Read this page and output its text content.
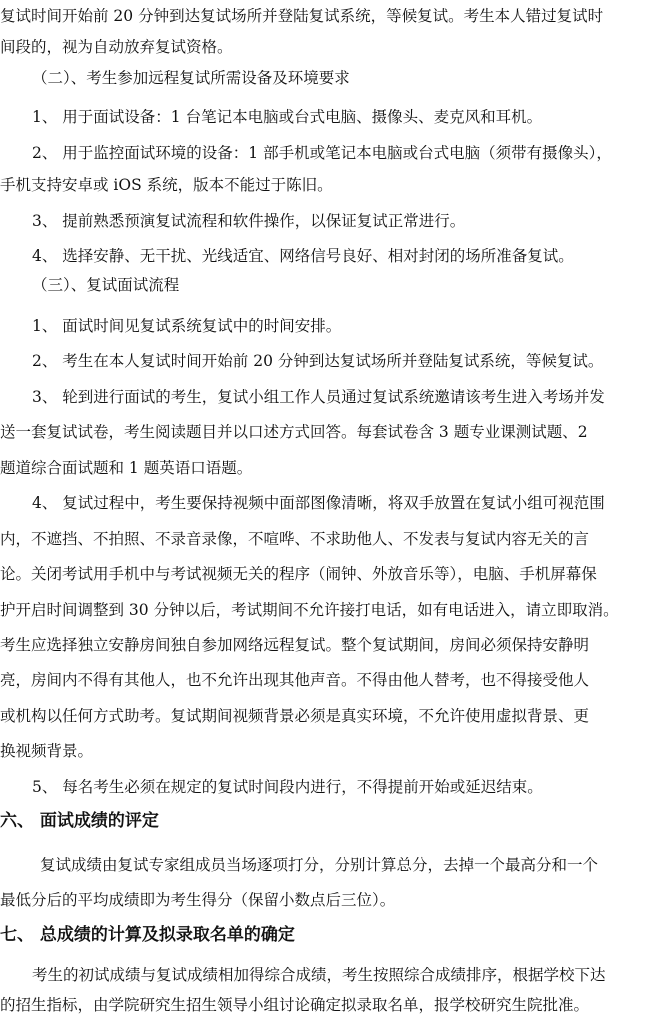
复试时间开始前 20 分钟到达复试场所并登陆复试系统，等候复试。考生本人错过复试时
间段的，视为自动放弃复试资格。
（二）、考生参加远程复试所需设备及环境要求
1、 用于面试设备：1 台笔记本电脑或台式电脑、摄像头、麦克风和耳机。
2、 用于监控面试环境的设备：1 部手机或笔记本电脑或台式电脑（须带有摄像头），
手机支持安卓或 iOS 系统，版本不能过于陈旧。
3、 提前熟悉预演复试流程和软件操作，以保证复试正常进行。
4、 选择安静、无干扰、光线适宜、网络信号良好、相对封闭的场所准备复试。
（三）、复试面试流程
1、 面试时间见复试系统复试中的时间安排。
2、 考生在本人复试时间开始前 20 分钟到达复试场所并登陆复试系统，等候复试。
3、 轮到进行面试的考生，复试小组工作人员通过复试系统邀请该考生进入考场并发
送一套复试试卷，考生阅读题目并以口述方式回答。每套试卷含 3 题专业课测试题、2
题道综合面试题和 1 题英语口语题。
4、 复试过程中，考生要保持视频中面部图像清晰，将双手放置在复试小组可视范围
内，不遮挡、不拍照、不录音录像，不喧哗、不求助他人、不发表与复试内容无关的言
论。关闭考试用手机中与考试视频无关的程序（闹钟、外放音乐等），电脑、手机屏幕保
护开启时间调整到 30 分钟以后，考试期间不允许接打电话，如有电话进入，请立即取消。
考生应选择独立安静房间独自参加网络远程复试。整个复试期间，房间必须保持安静明
亮，房间内不得有其他人，也不允许出现其他声音。不得由他人替考，也不得接受他人
或机构以任何方式助考。复试期间视频背景必须是真实环境，不允许使用虚拟背景、更
换视频背景。
5、 每名考生必须在规定的复试时间段内进行，不得提前开始或延迟结束。
六、 面试成绩的评定
复试成绩由复试专家组成员当场逐项打分，分别计算总分，去掉一个最高分和一个
最低分后的平均成绩即为考生得分（保留小数点后三位）。
七、 总成绩的计算及拟录取名单的确定
考生的初试成绩与复试成绩相加得综合成绩，考生按照综合成绩排序，根据学校下达
的招生指标，由学院研究生招生领导小组讨论确定拟录取名单，报学校研究生院批准。
